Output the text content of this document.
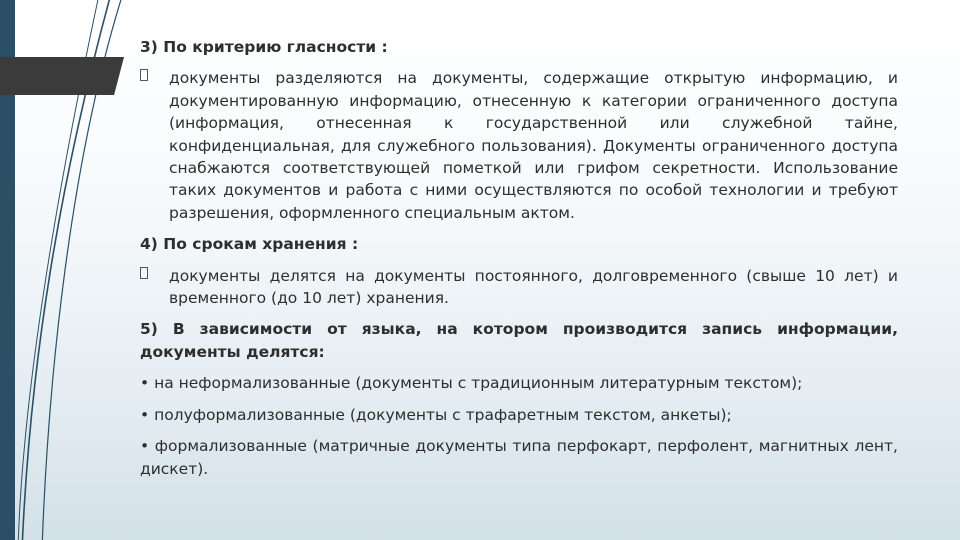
3) По критерию гласности :

документы разделяются на документы, содержащие открытую информацию, и документированную информацию, отнесенную к категории ограниченного доступа (информация, отнесенная к государственной или служебной тайне, конфиденциальная, для служебного пользования). Документы ограниченного доступа снабжаются соответствующей пометкой или грифом секретности. Использование таких документов и работа с ними осуществляются по особой технологии и требуют разрешения, оформленного специальным актом.

4) По срокам хранения :

документы делятся на документы постоянного, долговременного (свыше 10 лет) и временного (до 10 лет) хранения.

5) В зависимости от языка, на котором производится запись информации, документы делятся:

• на неформализованные (документы с традиционным литературным текстом);

• полуформализованные (документы с трафаретным текстом, анкеты);

• формализованные (матричные документы типа перфокарт, перфолент, магнитных лент, дискет).
